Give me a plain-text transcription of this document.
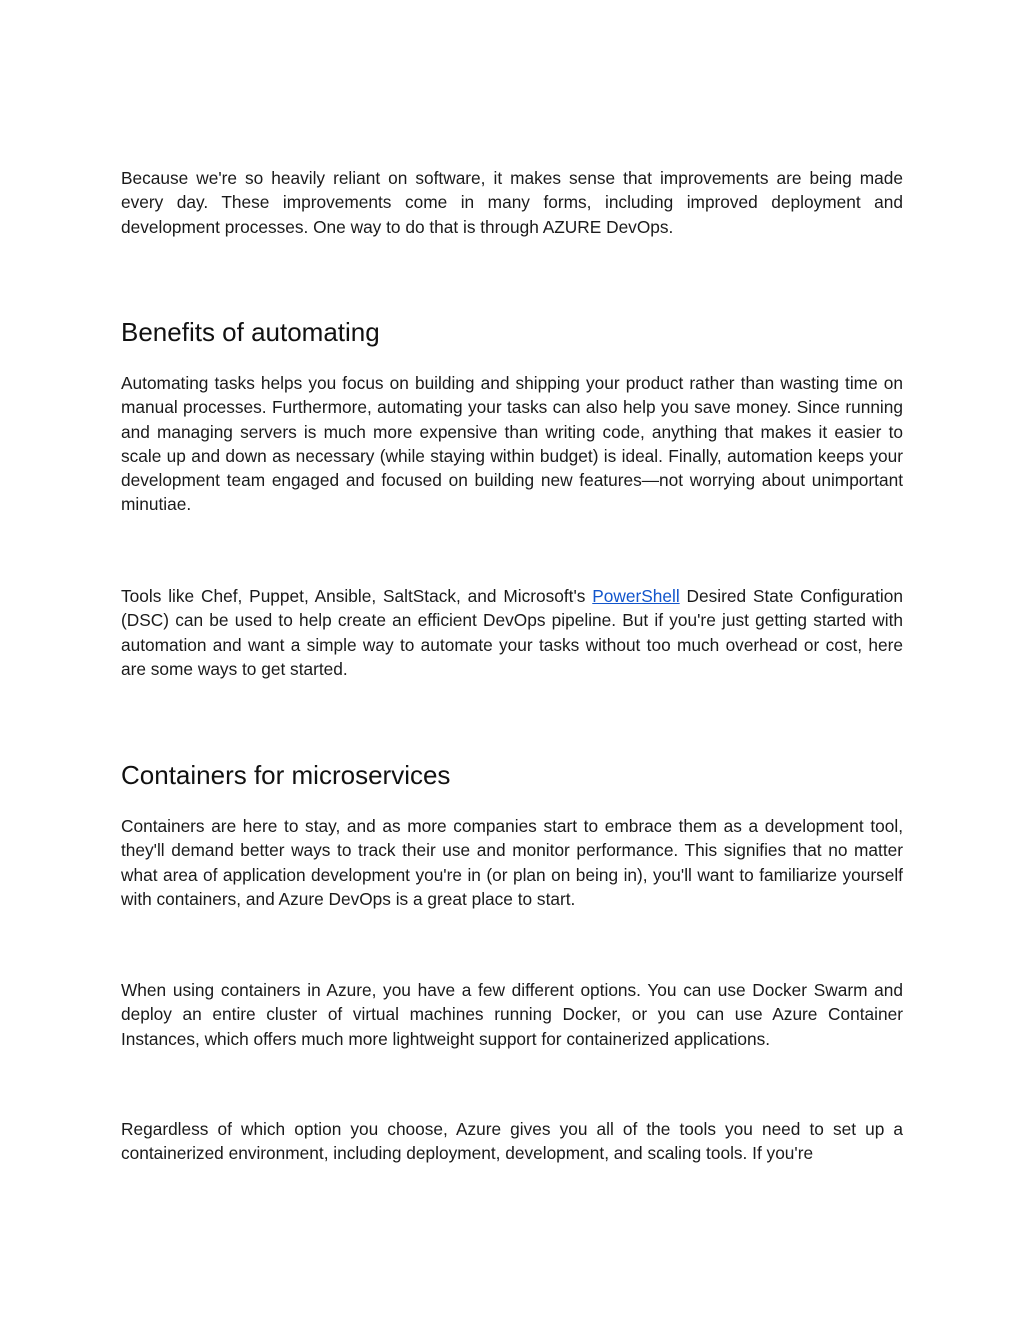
Because we're so heavily reliant on software, it makes sense that improvements are being made every day. These improvements come in many forms, including improved deployment and development processes. One way to do that is through AZURE DevOps.

Benefits of automating

Automating tasks helps you focus on building and shipping your product rather than wasting time on manual processes. Furthermore, automating your tasks can also help you save money. Since running and managing servers is much more expensive than writing code, anything that makes it easier to scale up and down as necessary (while staying within budget) is ideal. Finally, automation keeps your development team engaged and focused on building new features—not worrying about unimportant minutiae.

Tools like Chef, Puppet, Ansible, SaltStack, and Microsoft's PowerShell Desired State Configuration (DSC) can be used to help create an efficient DevOps pipeline. But if you're just getting started with automation and want a simple way to automate your tasks without too much overhead or cost, here are some ways to get started.

Containers for microservices

Containers are here to stay, and as more companies start to embrace them as a development tool, they'll demand better ways to track their use and monitor performance. This signifies that no matter what area of application development you're in (or plan on being in), you'll want to familiarize yourself with containers, and Azure DevOps is a great place to start.

When using containers in Azure, you have a few different options. You can use Docker Swarm and deploy an entire cluster of virtual machines running Docker, or you can use Azure Container Instances, which offers much more lightweight support for containerized applications.

Regardless of which option you choose, Azure gives you all of the tools you need to set up a containerized environment, including deployment, development, and scaling tools. If you're
